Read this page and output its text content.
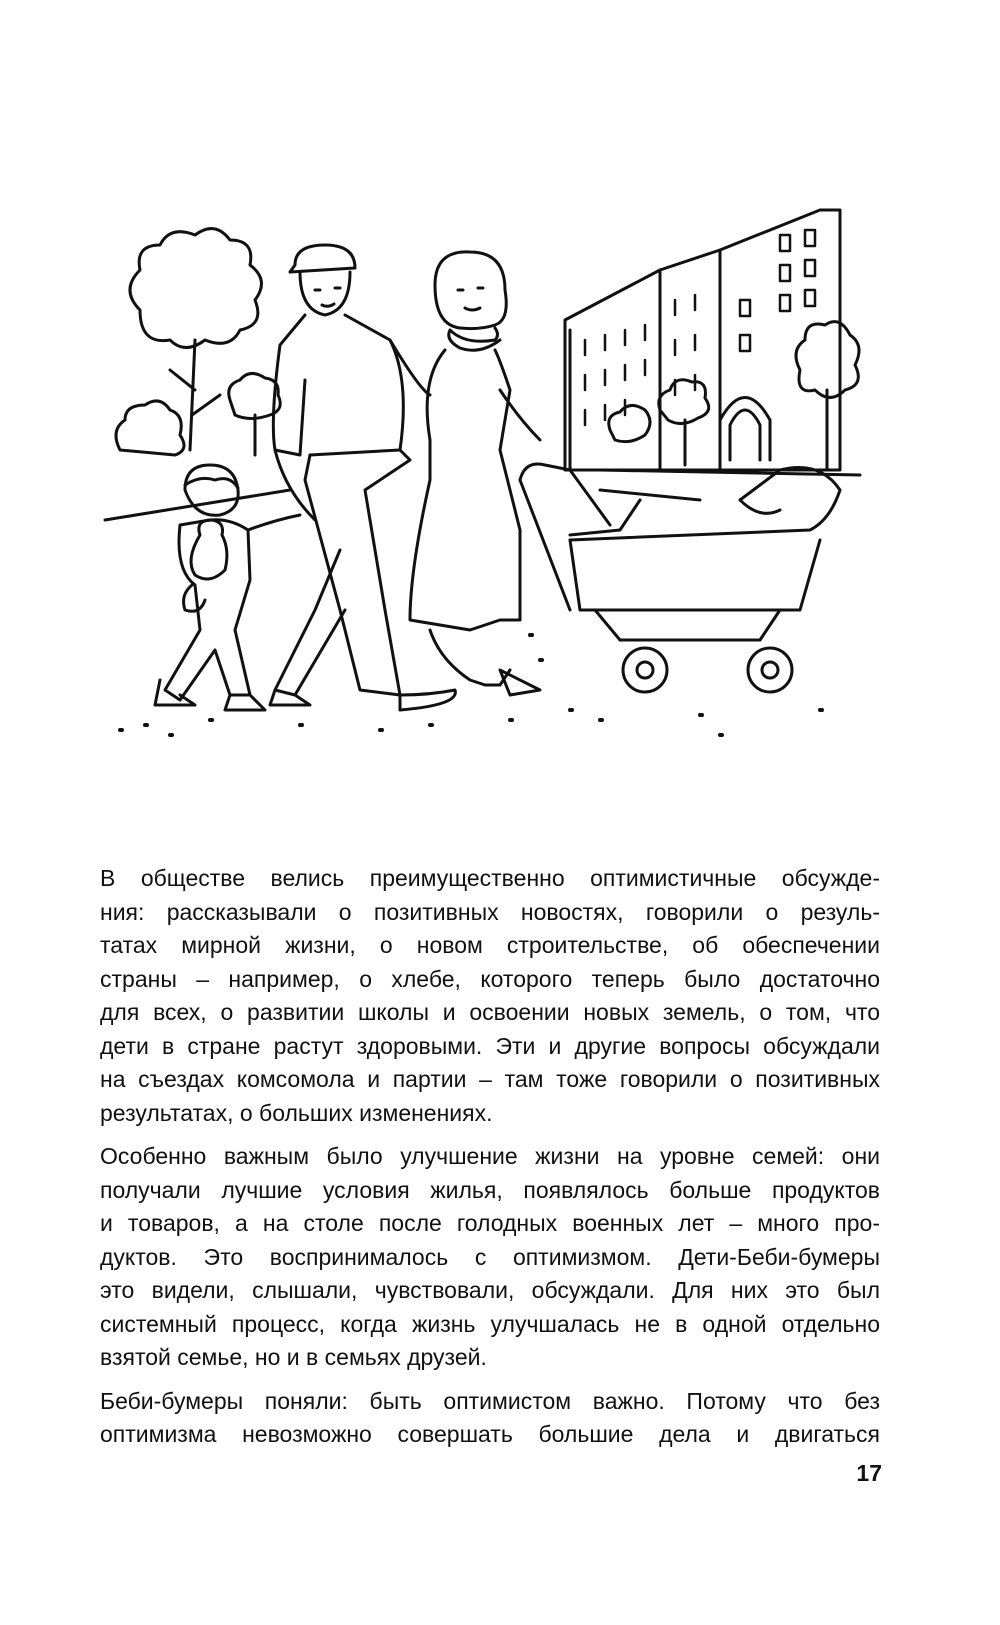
В обществе велись преимущественно оптимистичные обсужде-
ния: рассказывали о позитивных новостях, говорили о резуль-
татах мирной жизни, о новом строительстве, об обеспечении
страны – например, о хлебе, которого теперь было достаточно
для всех, о развитии школы и освоении новых земель, о том, что
дети в стране растут здоровыми. Эти и другие вопросы обсуждали
на съездах комсомола и партии – там тоже говорили о позитивных
результатах, о больших изменениях.

Особенно важным было улучшение жизни на уровне семей: они
получали лучшие условия жилья, появлялось больше продуктов
и товаров, а на столе после голодных военных лет – много про-
дуктов. Это воспринималось с оптимизмом. Дети-Беби-бумеры
это видели, слышали, чувствовали, обсуждали. Для них это был
системный процесс, когда жизнь улучшалась не в одной отдельно
взятой семье, но и в семьях друзей.

Беби-бумеры поняли: быть оптимистом важно. Потому что без
оптимизма невозможно совершать большие дела и двигаться

17
